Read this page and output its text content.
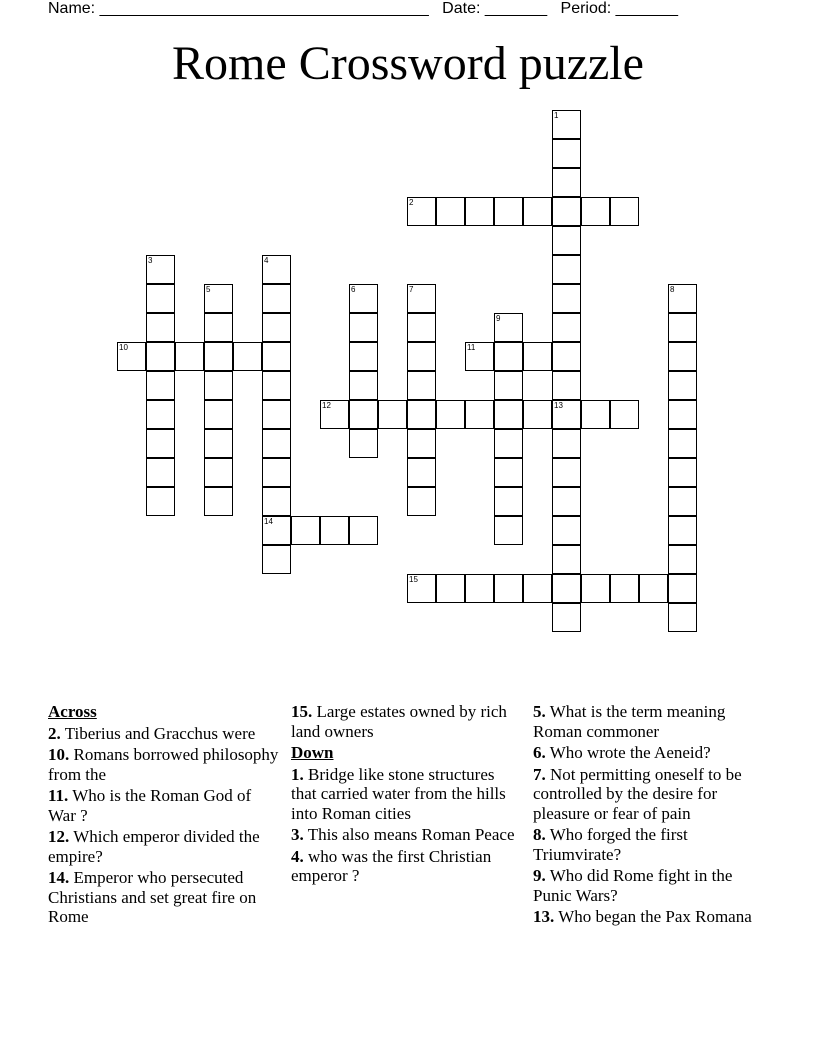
Name: _____________________________________ Date: _______ Period: _______
Rome Crossword puzzle
1
13
2
3	4
14
5	6	7	8
9
10	11
12
15
Across
2. Tiberius and Gracchus were
10. Romans borrowed philosophy from the
11. Who is the Roman God of War ?
12. Which emperor divided the empire?
14. Emperor who persecuted Christians and set great fire on Rome
15. Large estates owned by rich land owners
Down
1. Bridge like stone structures that carried water from the hills into Roman cities
3. This also means Roman Peace
4. who was the first Christian emperor ?
5. What is the term meaning Roman commoner
6. Who wrote the Aeneid?
7. Not permitting oneself to be controlled by the desire for pleasure or fear of pain
8. Who forged the first Triumvirate?
9. Who did Rome fight in the Punic Wars?
13. Who began the Pax Romana
